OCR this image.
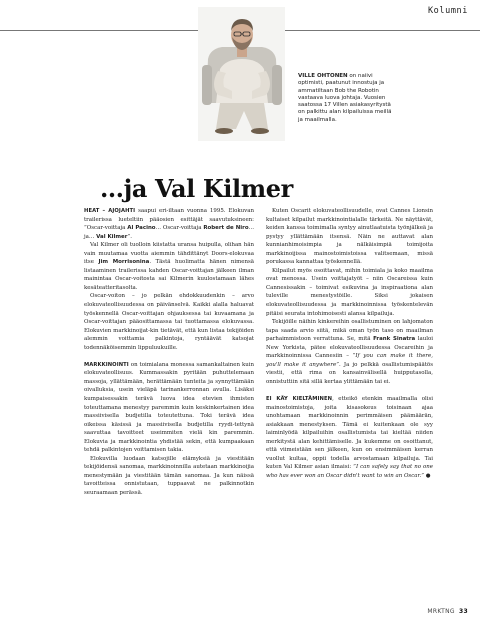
Kolumni
VILLE OHTONEN on naiivi optimisti, paatunut innostuja ja ammatiltaan Bob the Robotin vastaava luova johtaja. Vuosien saatossa 17 Villen asiakasyritystä on palkittu alan kilpailuissa meillä ja maailmalla.
…ja Val Kilmer

HEAT – AJOJAHTI saapui eri-iltaan vuonna 1995. Elokuvan trailerissa lueteltiin pääosien esittäjät saavutuksineen: ”Oscar-voittaja Al Pacino… Oscar-voittaja Robert de Niro… ja… Val Kilmer”.

Val Kilmer oli tuolloin kiistatta uransa huipulla, olihan hän vain muutamaa vuotta aiemmin tähdittänyt Doors-elokuvaa itse Jim Morrisonina. Tästä huolimatta hänen nimensä listaaminen trailerissa kahden Oscar-voittajan jälkeen ilman mainintaa Oscar-voitosta sai Kilmerin kuulostamaan lähes kesäteatteritasolta.

Oscar-voiton – jo pelkän ehdokkuudenkin – arvo elokuvateollisuudessa on päivänselvä. Kaikki alalla haluavat työskennellä Oscar-voittajan ohjauksessa tai kuvaamana ja Oscar-voittajan pääosittamassa tai tuottamassa elokuvassa. Elokuvien markkinoijat-kin tietävät, että kun listaa tekijöiden alemmin voittamia palkintoja, ryntäävät katsojat todennäköisemmin lippuluukuille.

MARKKINOINTI on toimialana monessa samankaltainen kuin elokuvateollisuus. Kummassakin pyritään puhuttelemaan massoja, yllättämään, herättämään tunteita ja synnyttämään oivalluksia, usein vieläpä tarinankerronnan avulla. Lisäksi kumpaisessakin terävä luova idea etevien ihmisten toteuttamana menestyy paremmin kuin keskinkertainen idea massiivisella budjetilla toteutettuna. Toki terävä idea oikeissa käsissä ja massiivisella budjetilla ryydi-tettynä saavuttaa tavoitteet useimmiten vielä kin paremmin. Elokuvia ja markkinointia yhdistää sekin, että kumpaakaan tehdä palkintojen voittamisen takia.

Elokuvilla luodaan katsojille elämyksiä ja viestitään tekijöidensä sanomaa, markkinoinnilla autetaan markkinoijia menestymään ja viestitään tämän sanomaa. Ja kun näissä tavoitteissa onnistutaan, tuppaavat ne palkinnotkin seuraamaan perässä.

Kuten Oscarit elokuvateollisuudelle, ovat Cannes Lionsin kultaiset kilpailut markkinointialalle tärkeitä. Ne näyttävät, keiden kanssa toimimalla syntyy ainutlaatuista työnjälkeä ja pystyy yllättämään itsensä. Näin ne auttavat alan kunnianhimoisimpia ja nälkäisimpiä toimijoita markkinoijissa mainostoimistoissa valitsemaan, missä porukassa kannattaa työskennellä.

Kilpailut myös osoittavat, mihin toimiala ja koko maailma ovat menossa. Usein voittajatyöt – niin Oscareissa kuin Cannesissakin – toimivat esikuvina ja inspiraationa alan tuleville menestystöille. Siksi jokaisen elokuvateollisuudessa ja markkinoinnissa työskentelevän pitäisi seurata intohimoisesti alansa kilpailuja.

Tekijöille näihin kinkereihin osallistuminen on lahjomaton tapa saada arvio siitä, mikä oman työn taso on maailman parhaimmistoon verrattuna. Se, mitä Frank Sinatra lauloi New Yorkista, pätee elokuvateollisuudessa Oscareihin ja markkinoinnissa Cannesiin – ”If you can make it there, you'll make it anywhere”. Ja jo pelkkä osallistumispäätös viestii, että rima on kansainvälisellä huipputasolla, onnistuttiin sitä sillä kertaa ylittämään tai ei.

EI KÄY KIELTÄMINEN, etteikö etenkin maailmalla olisi mainostoimistoja, joita kisasokeus toisinaan ajaa unohtamaan markkinoinnin perimmäisen päämäärän, asiakkaan menestyksen. Tämä ei kuitenkaan ole syy laiminlyödä kilpailuihin osallistumista tai kieltää niiden merkitystä alan kehittämiselle. Ja kukemme on osoittanut, että viimeistään sen jälkeen, kun on ensimmäisen kerran vuollut kultaa, oppii todella arvostamaan kilpailuja. Tai kuten Val Kilmer asian ilmaisi: ”I can safely say that no one who has ever won an Oscar didn't want to win an Oscar.” ●

MRKTNG 33
